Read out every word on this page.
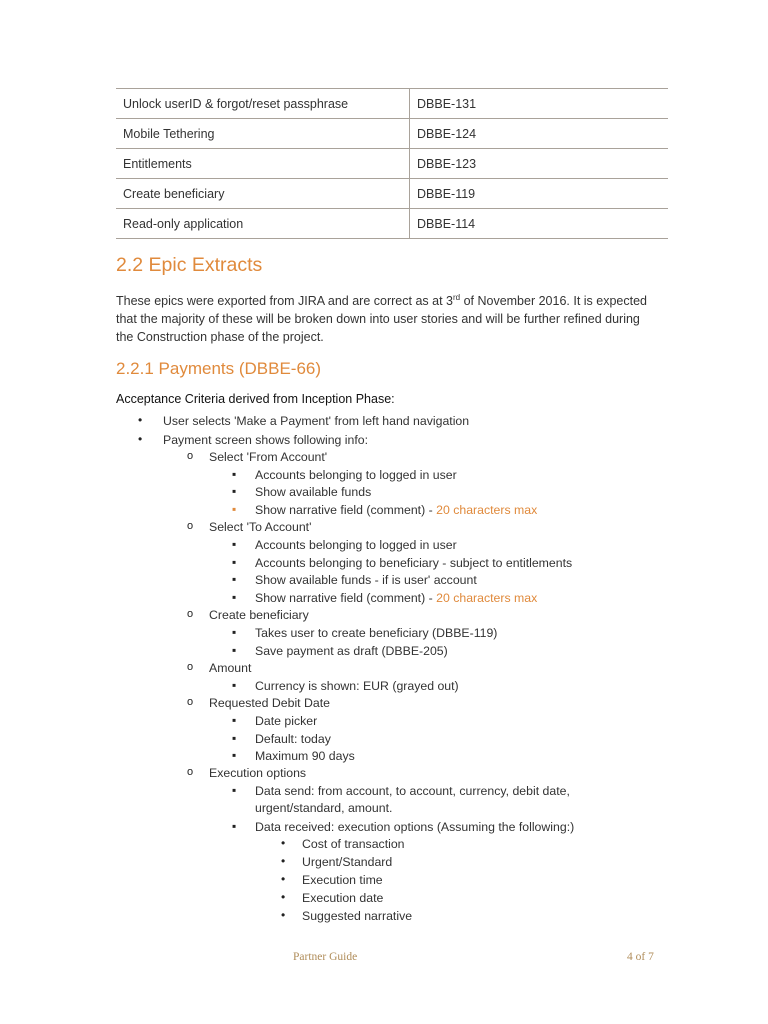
Unlock userID & forgot/reset passphrase	DBBE-131
Mobile Tethering	DBBE-124
Entitlements	DBBE-123
Create beneficiary	DBBE-119
Read-only application	DBBE-114
2.2 Epic Extracts

These epics were exported from JIRA and are correct as at 3rd of November 2016. It is expected that the majority of these will be broken down into user stories and will be further refined during the Construction phase of the project.

2.2.1 Payments (DBBE-66)

Acceptance Criteria derived from Inception Phase:

•
User selects 'Make a Payment' from left hand navigation
•
Payment screen shows following info:
o
Select 'From Account'
▪
Accounts belonging to logged in user
▪
Show available funds
▪
Show narrative field (comment) - 20 characters max
o
Select 'To Account'
▪
Accounts belonging to logged in user
▪
Accounts belonging to beneficiary - subject to entitlements
▪
Show available funds - if is user' account
▪
Show narrative field (comment) - 20 characters max
o
Create beneficiary
▪
Takes user to create beneficiary (DBBE-119)
▪
Save payment as draft (DBBE-205)
o
Amount
▪
Currency is shown: EUR (grayed out)
o
Requested Debit Date
▪
Date picker
▪
Default: today
▪
Maximum 90 days
o
Execution options
▪
Data send: from account, to account, currency, debit date,
urgent/standard, amount.
▪
Data received: execution options (Assuming the following:)
•
Cost of transaction
•
Urgent/Standard
•
Execution time
•
Execution date
•
Suggested narrative
Partner Guide	4 of 7
